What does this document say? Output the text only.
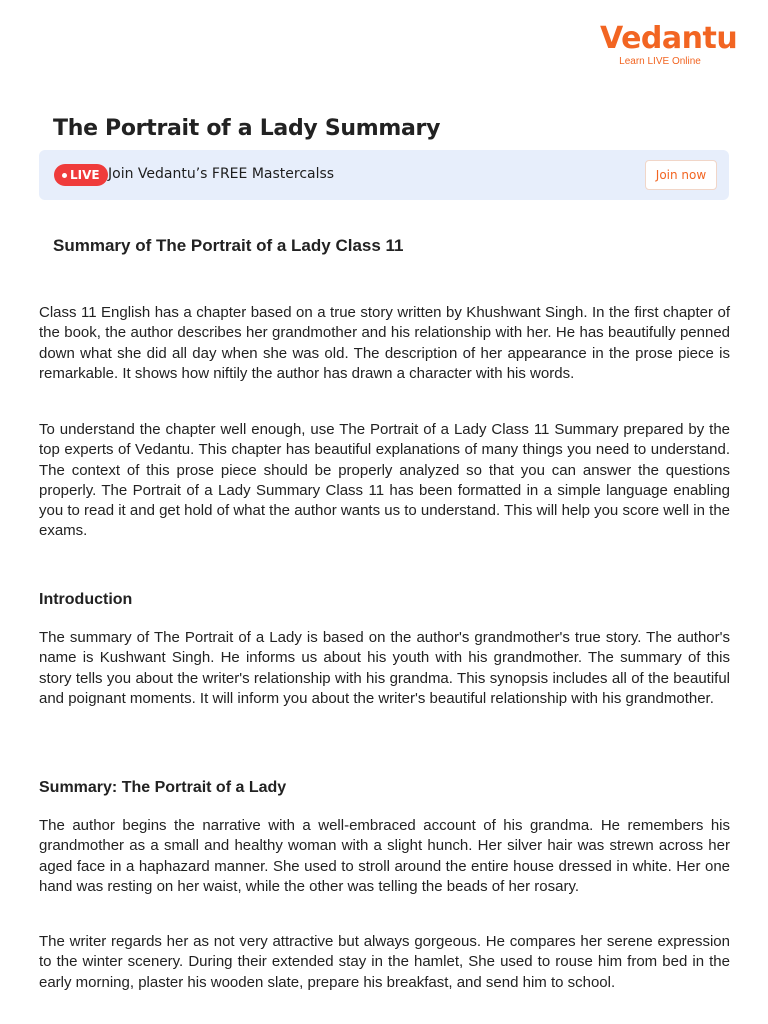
Vedantu
Learn LIVE Online
The Portrait of a Lady Summary
LIVE Join Vedantu’s FREE Mastercalss	Join now
Summary of The Portrait of a Lady Class 11

Class 11 English has a chapter based on a true story written by Khushwant Singh. In the first chapter of the book, the author describes her grandmother and his relationship with her. He has beautifully penned down what she did all day when she was old. The description of her appearance in the prose piece is remarkable. It shows how niftily the author has drawn a character with his words.

To understand the chapter well enough, use The Portrait of a Lady Class 11 Summary prepared by the top experts of Vedantu. This chapter has beautiful explanations of many things you need to understand. The context of this prose piece should be properly analyzed so that you can answer the questions properly. The Portrait of a Lady Summary Class 11 has been formatted in a simple language enabling you to read it and get hold of what the author wants us to understand. This will help you score well in the exams.

Introduction

The summary of The Portrait of a Lady is based on the author's grandmother's true story. The author's name is Kushwant Singh. He informs us about his youth with his grandmother. The summary of this story tells you about the writer's relationship with his grandma. This synopsis includes all of the beautiful and poignant moments. It will inform you about the writer's beautiful relationship with his grandmother.

Summary: The Portrait of a Lady

The author begins the narrative with a well-embraced account of his grandma. He remembers his grandmother as a small and healthy woman with a slight hunch. Her silver hair was strewn across her aged face in a haphazard manner. She used to stroll around the entire house dressed in white. Her one hand was resting on her waist, while the other was telling the beads of her rosary.

The writer regards her as not very attractive but always gorgeous. He compares her serene expression to the winter scenery. During their extended stay in the hamlet, She used to rouse him from bed in the early morning, plaster his wooden slate, prepare his breakfast, and send him to school.
